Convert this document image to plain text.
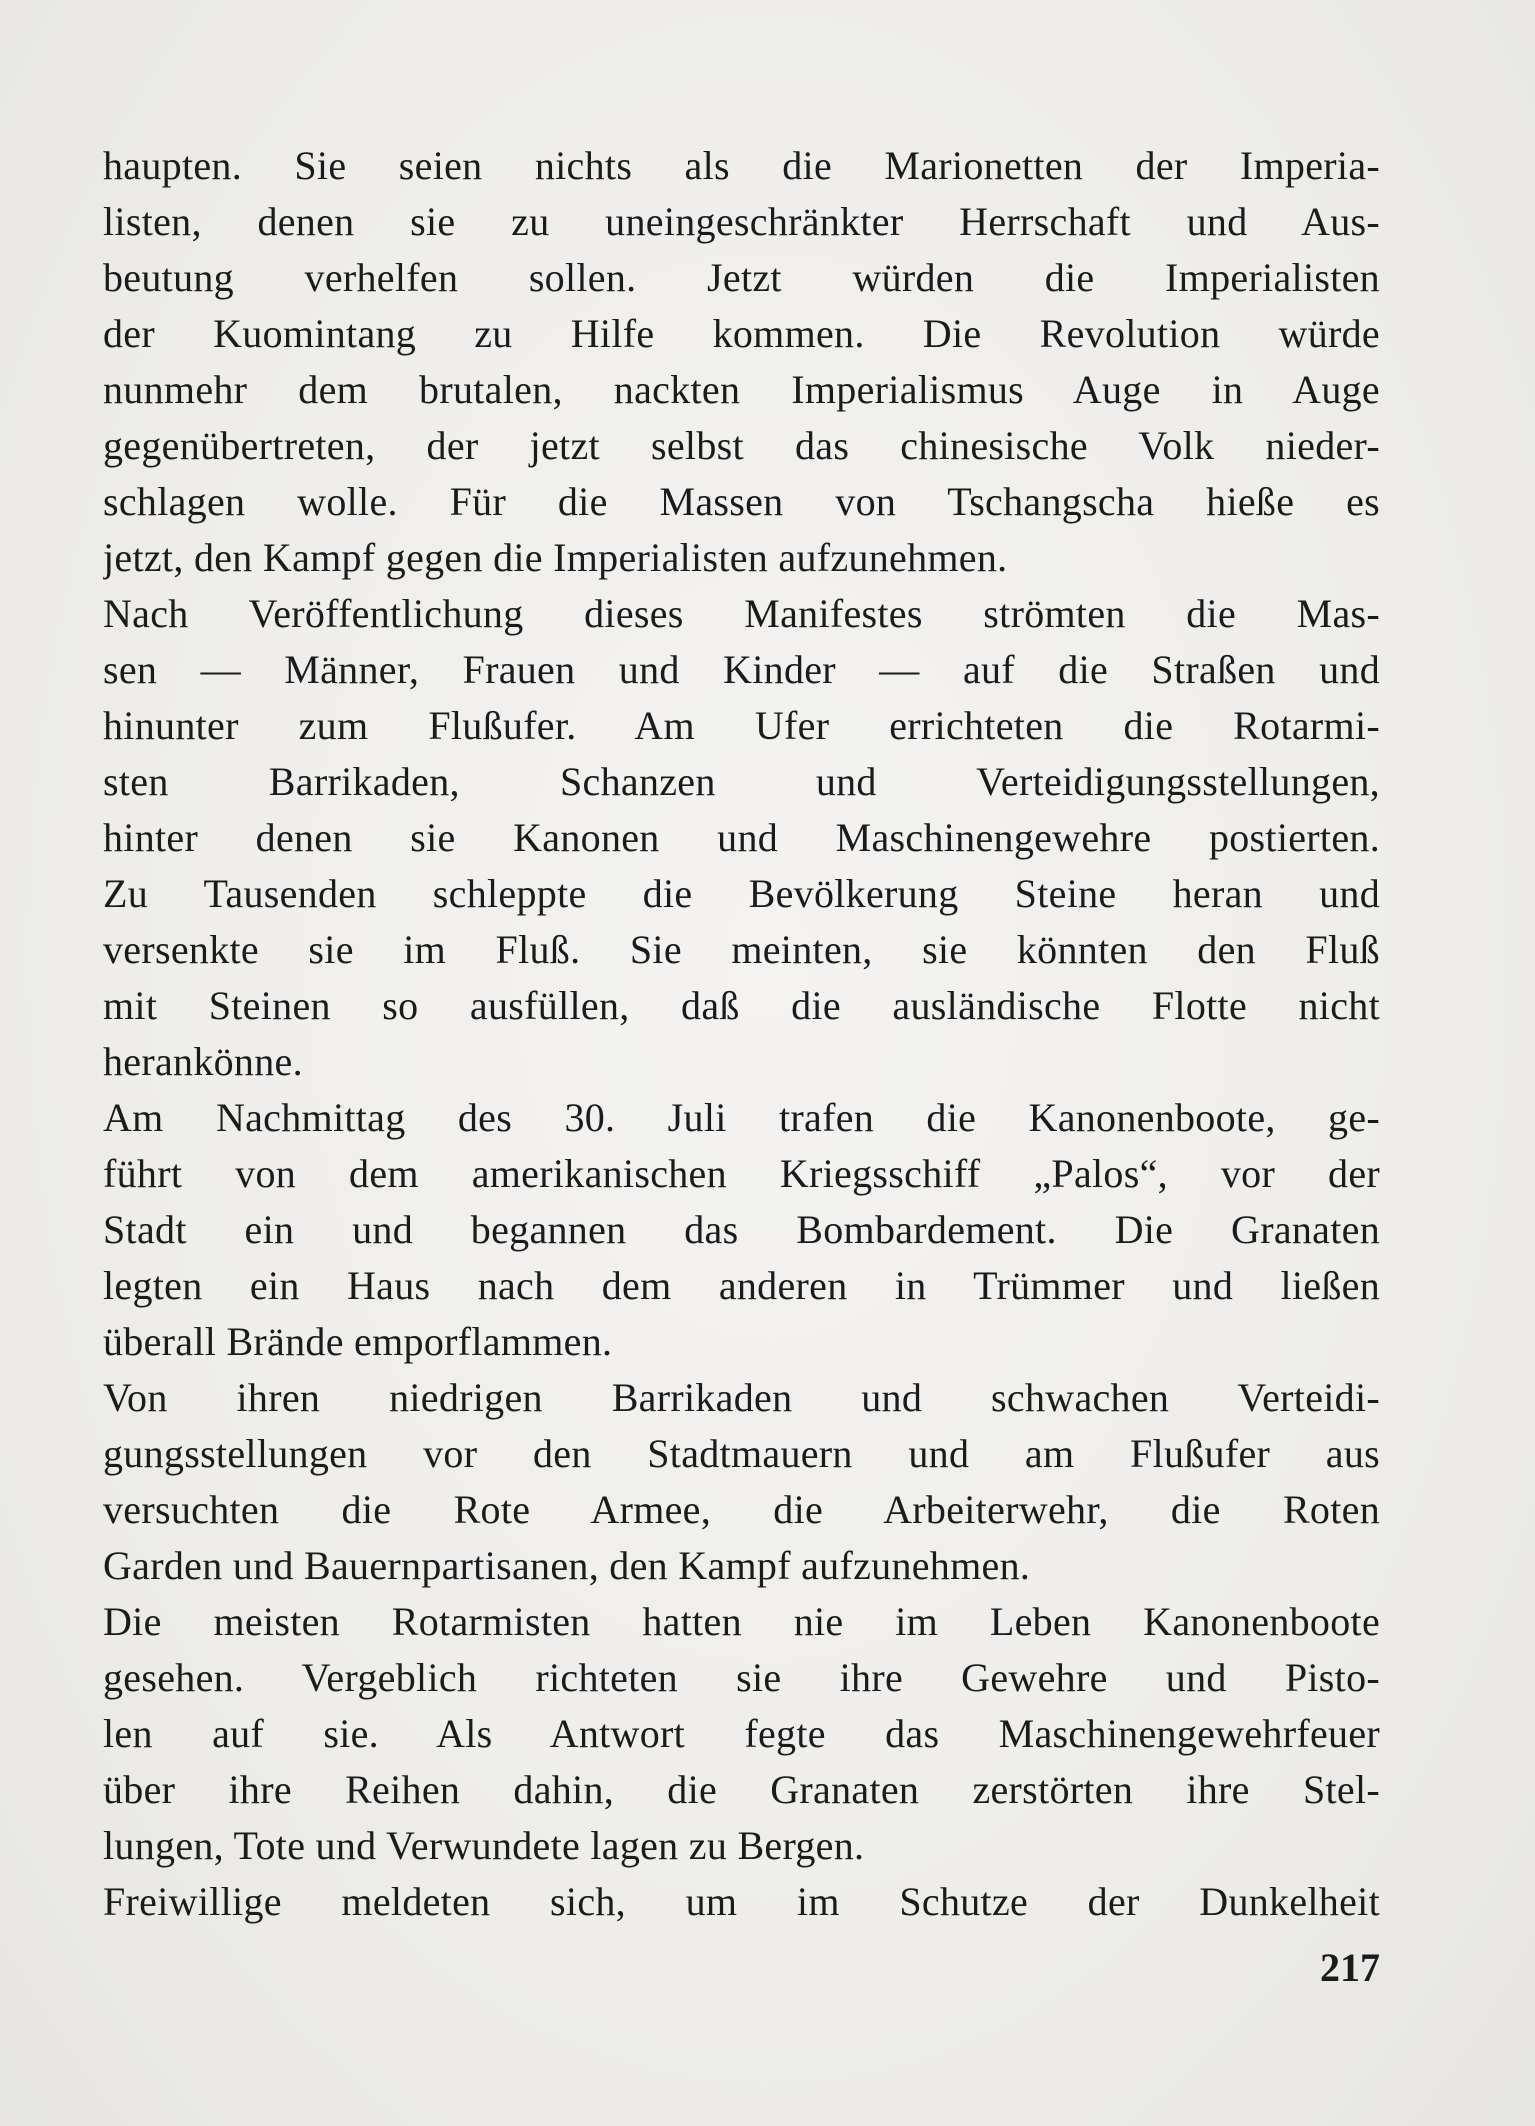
haupten. Sie seien nichts als die Marionetten der Imperia-
listen, denen sie zu uneingeschränkter Herrschaft und Aus-
beutung verhelfen sollen. Jetzt würden die Imperialisten
der Kuomintang zu Hilfe kommen. Die Revolution würde
nunmehr dem brutalen, nackten Imperialismus Auge in Auge
gegenübertreten, der jetzt selbst das chinesische Volk nieder-
schlagen wolle. Für die Massen von Tschangscha hieße es
jetzt, den Kampf gegen die Imperialisten aufzunehmen.
Nach Veröffentlichung dieses Manifestes strömten die Mas-
sen — Männer, Frauen und Kinder — auf die Straßen und
hinunter zum Flußufer. Am Ufer errichteten die Rotarmi-
sten Barrikaden, Schanzen und Verteidigungsstellungen,
hinter denen sie Kanonen und Maschinengewehre postierten.
Zu Tausenden schleppte die Bevölkerung Steine heran und
versenkte sie im Fluß. Sie meinten, sie könnten den Fluß
mit Steinen so ausfüllen, daß die ausländische Flotte nicht
herankönne.
Am Nachmittag des 30. Juli trafen die Kanonenboote, ge-
führt von dem amerikanischen Kriegsschiff „Palos“, vor der
Stadt ein und begannen das Bombardement. Die Granaten
legten ein Haus nach dem anderen in Trümmer und ließen
überall Brände emporflammen.
Von ihren niedrigen Barrikaden und schwachen Verteidi-
gungsstellungen vor den Stadtmauern und am Flußufer aus
versuchten die Rote Armee, die Arbeiterwehr, die Roten
Garden und Bauernpartisanen, den Kampf aufzunehmen.
Die meisten Rotarmisten hatten nie im Leben Kanonenboote
gesehen. Vergeblich richteten sie ihre Gewehre und Pisto-
len auf sie. Als Antwort fegte das Maschinengewehrfeuer
über ihre Reihen dahin, die Granaten zerstörten ihre Stel-
lungen, Tote und Verwundete lagen zu Bergen.
Freiwillige meldeten sich, um im Schutze der Dunkelheit
217
